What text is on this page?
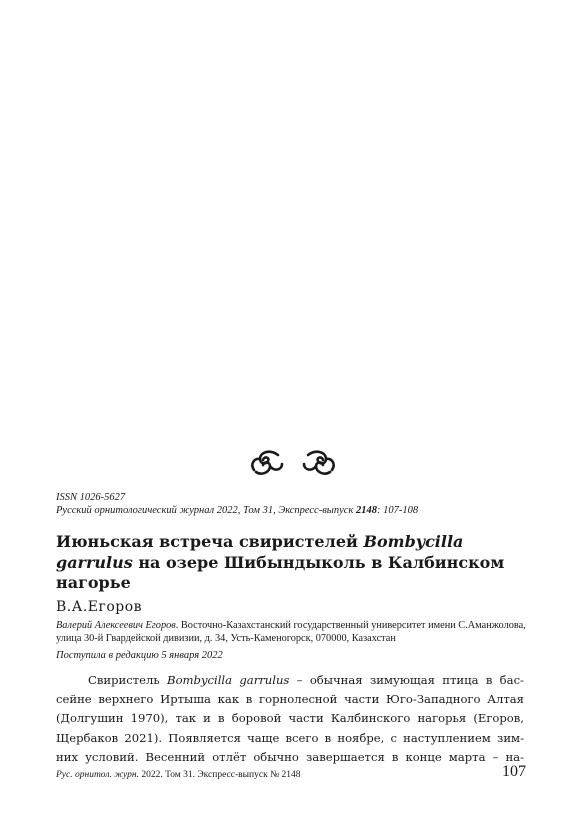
ISSN 1026-5627
Русский орнитологический журнал 2022, Том 31, Экспресс-выпуск 2148: 107-108
Июньская встреча свиристелей Bombycilla garrulus на озере Шибындыколь в Калбинском нагорье
В.А.Егоров
Валерий Алексеевич Егоров. Восточно-Казахстанский государственный университет имени С.Аманжолова, улица 30-й Гвардейской дивизии, д. 34, Усть-Каменогорск, 070000, Казахстан
Поступила в редакцию 5 января 2022
Свиристель Bombycilla garrulus – обычная зимующая птица в бас-
сейне верхнего Иртыша как в горнолесной части Юго-Западного Алтая
(Долгушин 1970), так и в боровой части Калбинского нагорья (Егоров,
Щербаков 2021). Появляется чаще всего в ноябре, с наступлением зим-
них условий. Весенний отлёт обычно завершается в конце марта – на-
Рус. орнитол. журн. 2022. Том 31. Экспресс-выпуск № 2148	107
